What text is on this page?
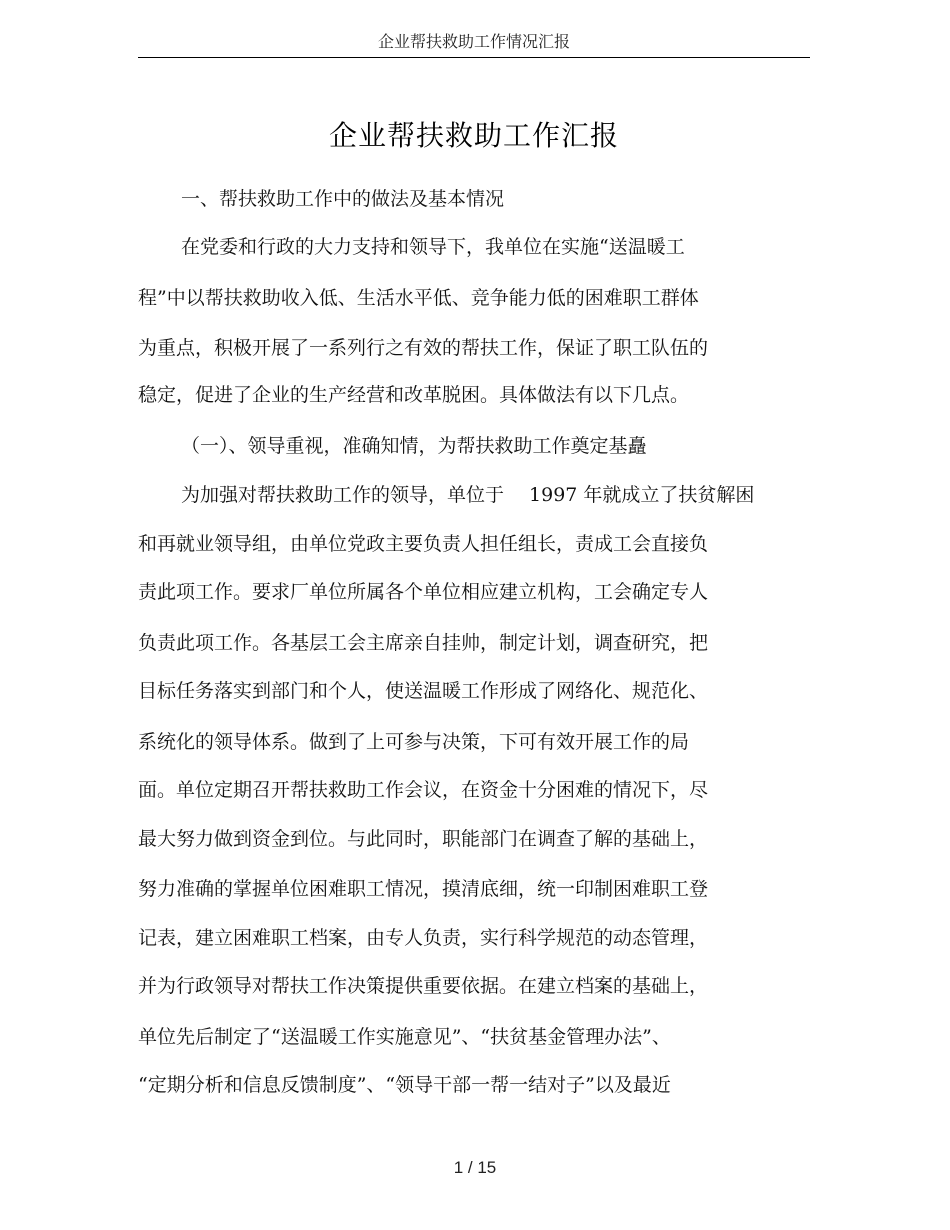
企业帮扶救助工作情况汇报
企业帮扶救助工作汇报
一、帮扶救助工作中的做法及基本情况
在党委和行政的大力支持和领导下，我单位在实施“送温暖工
程”中以帮扶救助收入低、生活水平低、竞争能力低的困难职工群体
为重点，积极开展了一系列行之有效的帮扶工作，保证了职工队伍的
稳定，促进了企业的生产经营和改革脱困。具体做法有以下几点。
（一）、领导重视，准确知情，为帮扶救助工作奠定基矗
为加强对帮扶救助工作的领导，单位于　 1997 年就成立了扶贫解困
和再就业领导组，由单位党政主要负责人担任组长，责成工会直接负
责此项工作。要求厂单位所属各个单位相应建立机构，工会确定专人
负责此项工作。各基层工会主席亲自挂帅，制定计划，调查研究，把
目标任务落实到部门和个人，使送温暖工作形成了网络化、规范化、
系统化的领导体系。做到了上可参与决策，下可有效开展工作的局
面。单位定期召开帮扶救助工作会议，在资金十分困难的情况下，尽
最大努力做到资金到位。与此同时，职能部门在调查了解的基础上，
努力准确的掌握单位困难职工情况，摸清底细，统一印制困难职工登
记表，建立困难职工档案，由专人负责，实行科学规范的动态管理，
并为行政领导对帮扶工作决策提供重要依据。在建立档案的基础上，
单位先后制定了“送温暖工作实施意见”、“扶贫基金管理办法”、
“定期分析和信息反馈制度”、“领导干部一帮一结对子”以及最近
1 / 15
